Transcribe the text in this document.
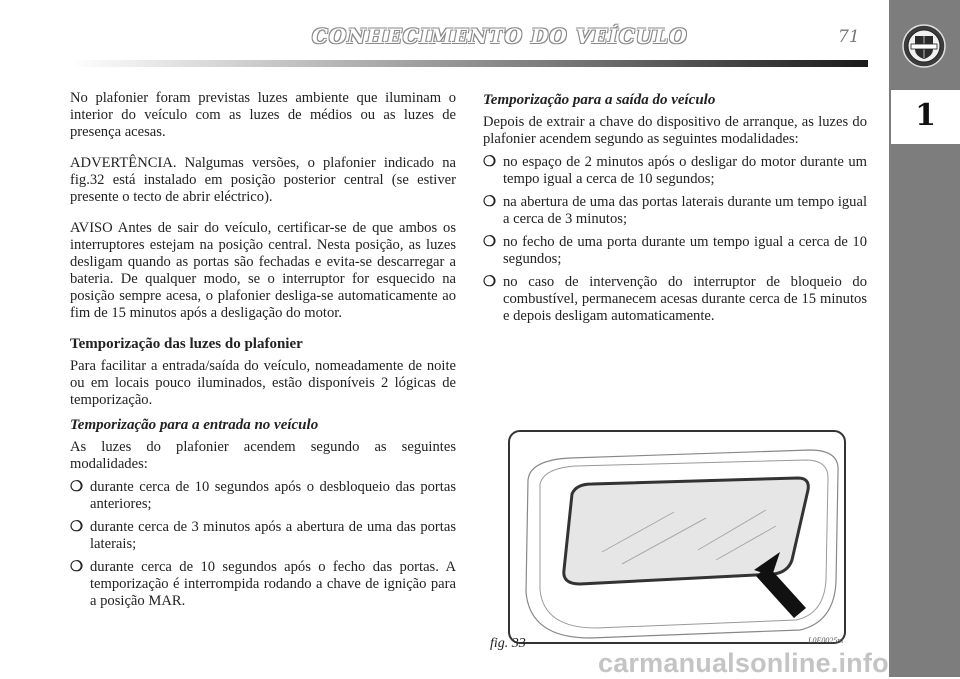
CONHECIMENTO DO VEÍCULO	71
1

No plafonier foram previstas luzes ambiente que iluminam o interior do veículo com as luzes de médios ou as luzes de presença acesas.

ADVERTÊNCIA. Nalgumas versões, o plafonier indicado na fig.32 está instalado em posição posterior central (se estiver presente o tecto de abrir eléctrico).

AVISO Antes de sair do veículo, certificar-se de que ambos os interruptores estejam na posição central. Nesta posição, as luzes desligam quando as portas são fechadas e evita-se descarregar a bateria. De qualquer modo, se o interruptor for esquecido na posição sempre acesa, o plafonier desliga-se automaticamente ao fim de 15 minutos após a desligação do motor.

Temporização das luzes do plafonier

Para facilitar a entrada/saída do veículo, nomeadamente de noite ou em locais pouco iluminados, estão disponíveis 2 lógicas de temporização.

Temporização para a entrada no veículo

As luzes do plafonier acendem segundo as seguintes modalidades:

❍ durante cerca de 10 segundos após o desbloqueio das portas anteriores;
❍ durante cerca de 3 minutos após a abertura de uma das portas laterais;
❍ durante cerca de 10 segundos após o fecho das portas. A temporização é interrompida rodando a chave de ignição para a posição MAR.
Temporização para a saída do veículo

Depois de extrair a chave do dispositivo de arranque, as luzes do plafonier acendem segundo as seguintes modalidades:

❍ no espaço de 2 minutos após o desligar do motor durante um tempo igual a cerca de 10 segundos;
❍ na abertura de uma das portas laterais durante um tempo igual a cerca de 3 minutos;
❍ no fecho de uma porta durante um tempo igual a cerca de 10 segundos;
❍ no caso de intervenção do interruptor de bloqueio do combustível, permanecem acesas durante cerca de 15 minutos e depois desligam automaticamente.
fig. 33	L0E0025m
carmanualsonline.info
